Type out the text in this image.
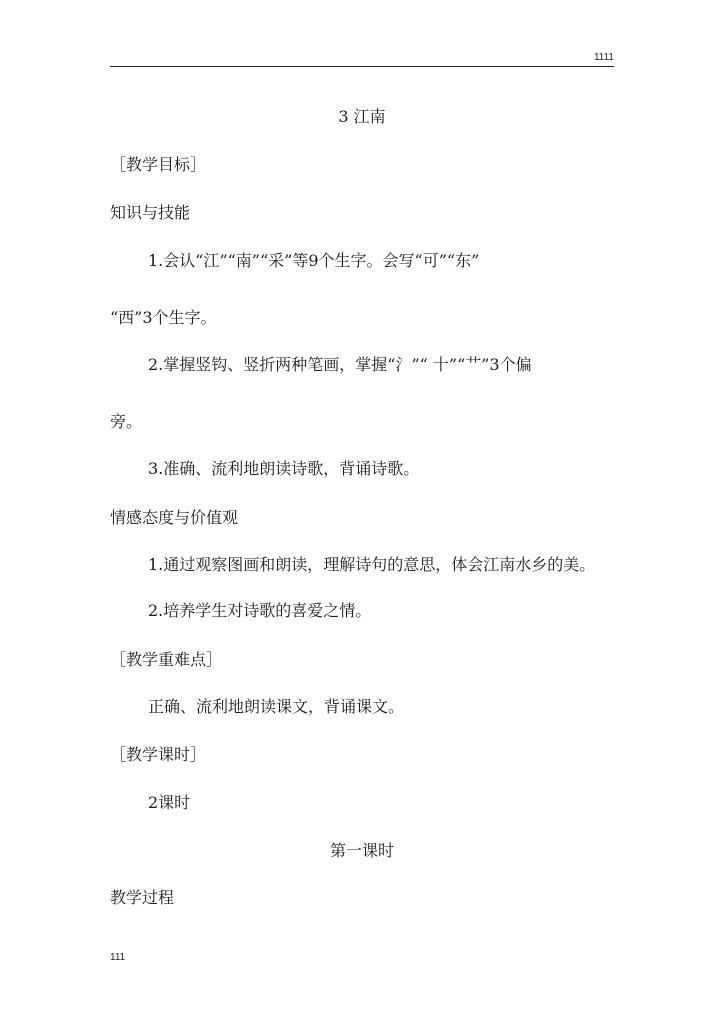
1111
3 江南
［教学目标］
知识与技能
1.会认“江”“南”“采”等9个生字。会写“可”“东”
“西”3个生字。
2.掌握竖钩、竖折两种笔画，掌握“氵”“ 十”“艹”3个偏
旁。
3.准确、流利地朗读诗歌，背诵诗歌。
情感态度与价值观
1.通过观察图画和朗读，理解诗句的意思，体会江南水乡的美。
2.培养学生对诗歌的喜爱之情。
［教学重难点］
正确、流利地朗读课文，背诵课文。
［教学课时］
2课时
第一课时
教学过程
111
